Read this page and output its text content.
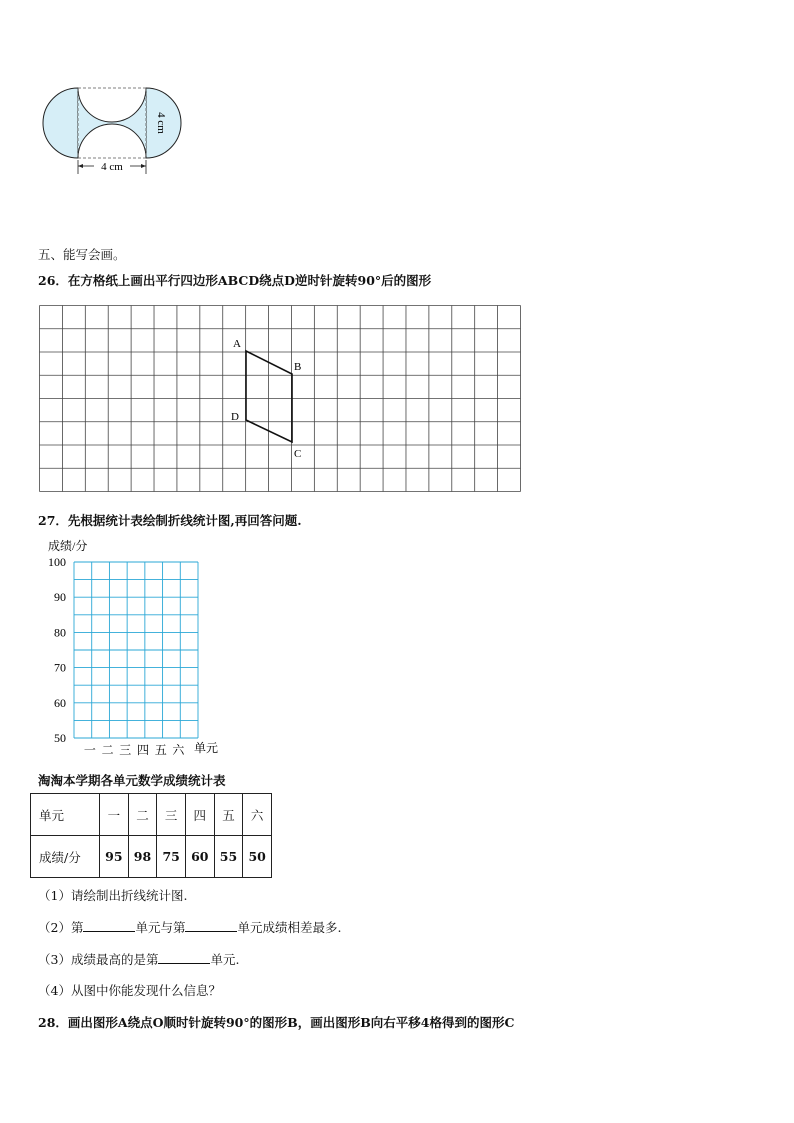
4 cm
4 cm
五、能写会画。
26．在方格纸上画出平行四边形ABCD绕点D逆时针旋转90°后的图形
A
B
C
D
27．先根据统计表绘制折线统计图,再回答问题.
成绩/分
100
90
80
70
60
50
一 二 三 四 五 六 单元
淘淘本学期各单元数学成绩统计表
单元	一	二	三	四	五	六
成绩/分	95	98	75	60	55	50
（1）请绘制出折线统计图.
（2）第	单元与第	单元成绩相差最多.
（3）成绩最高的是第	单元.
（4）从图中你能发现什么信息？
28．画出图形A绕点O顺时针旋转90°的图形B，画出图形B向右平移4格得到的图形C
